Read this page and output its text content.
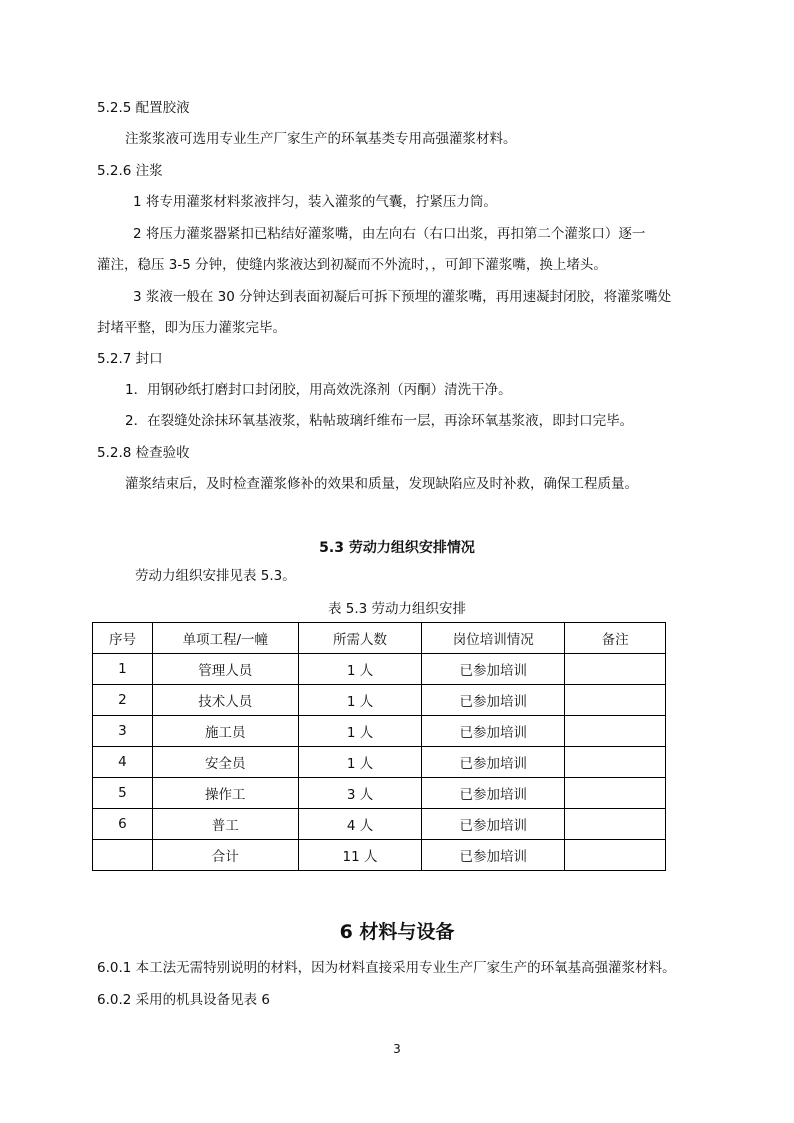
5.2.5 配置胶液
注浆浆液可选用专业生产厂家生产的环氧基类专用高强灌浆材料。
5.2.6 注浆
1 将专用灌浆材料浆液拌匀，装入灌浆的气囊，拧紧压力筒。
2 将压力灌浆器紧扣已粘结好灌浆嘴，由左向右（右口出浆，再扣第二个灌浆口）逐一
灌注，稳压 3-5 分钟，使缝内浆液达到初凝而不外流时，，可卸下灌浆嘴，换上堵头。
3 浆液一般在 30 分钟达到表面初凝后可拆下预埋的灌浆嘴，再用速凝封闭胶，将灌浆嘴处
封堵平整，即为压力灌浆完毕。
5.2.7 封口
1．用钢砂纸打磨封口封闭胶，用高效洗涤剂（丙酮）清洗干净。
2．在裂缝处涂抹环氧基液浆，粘帖玻璃纤维布一层，再涂环氧基浆液，即封口完毕。
5.2.8 检查验收
灌浆结束后，及时检查灌浆修补的效果和质量，发现缺陷应及时补救，确保工程质量。
5.3 劳动力组织安排情况
劳动力组织安排见表 5.3。
表 5.3 劳动力组织安排
序号	单项工程/一幢	所需人数	岗位培训情况	备注
1	管理人员	1 人	已参加培训	
2	技术人员	1 人	已参加培训	
3	施工员	1 人	已参加培训	
4	安全员	1 人	已参加培训	
5	操作工	3 人	已参加培训	
6	普工	4 人	已参加培训	
	合计	11 人	已参加培训	
6 材料与设备
6.0.1 本工法无需特别说明的材料，因为材料直接采用专业生产厂家生产的环氧基高强灌浆材料。
6.0.2 采用的机具设备见表 6
3
